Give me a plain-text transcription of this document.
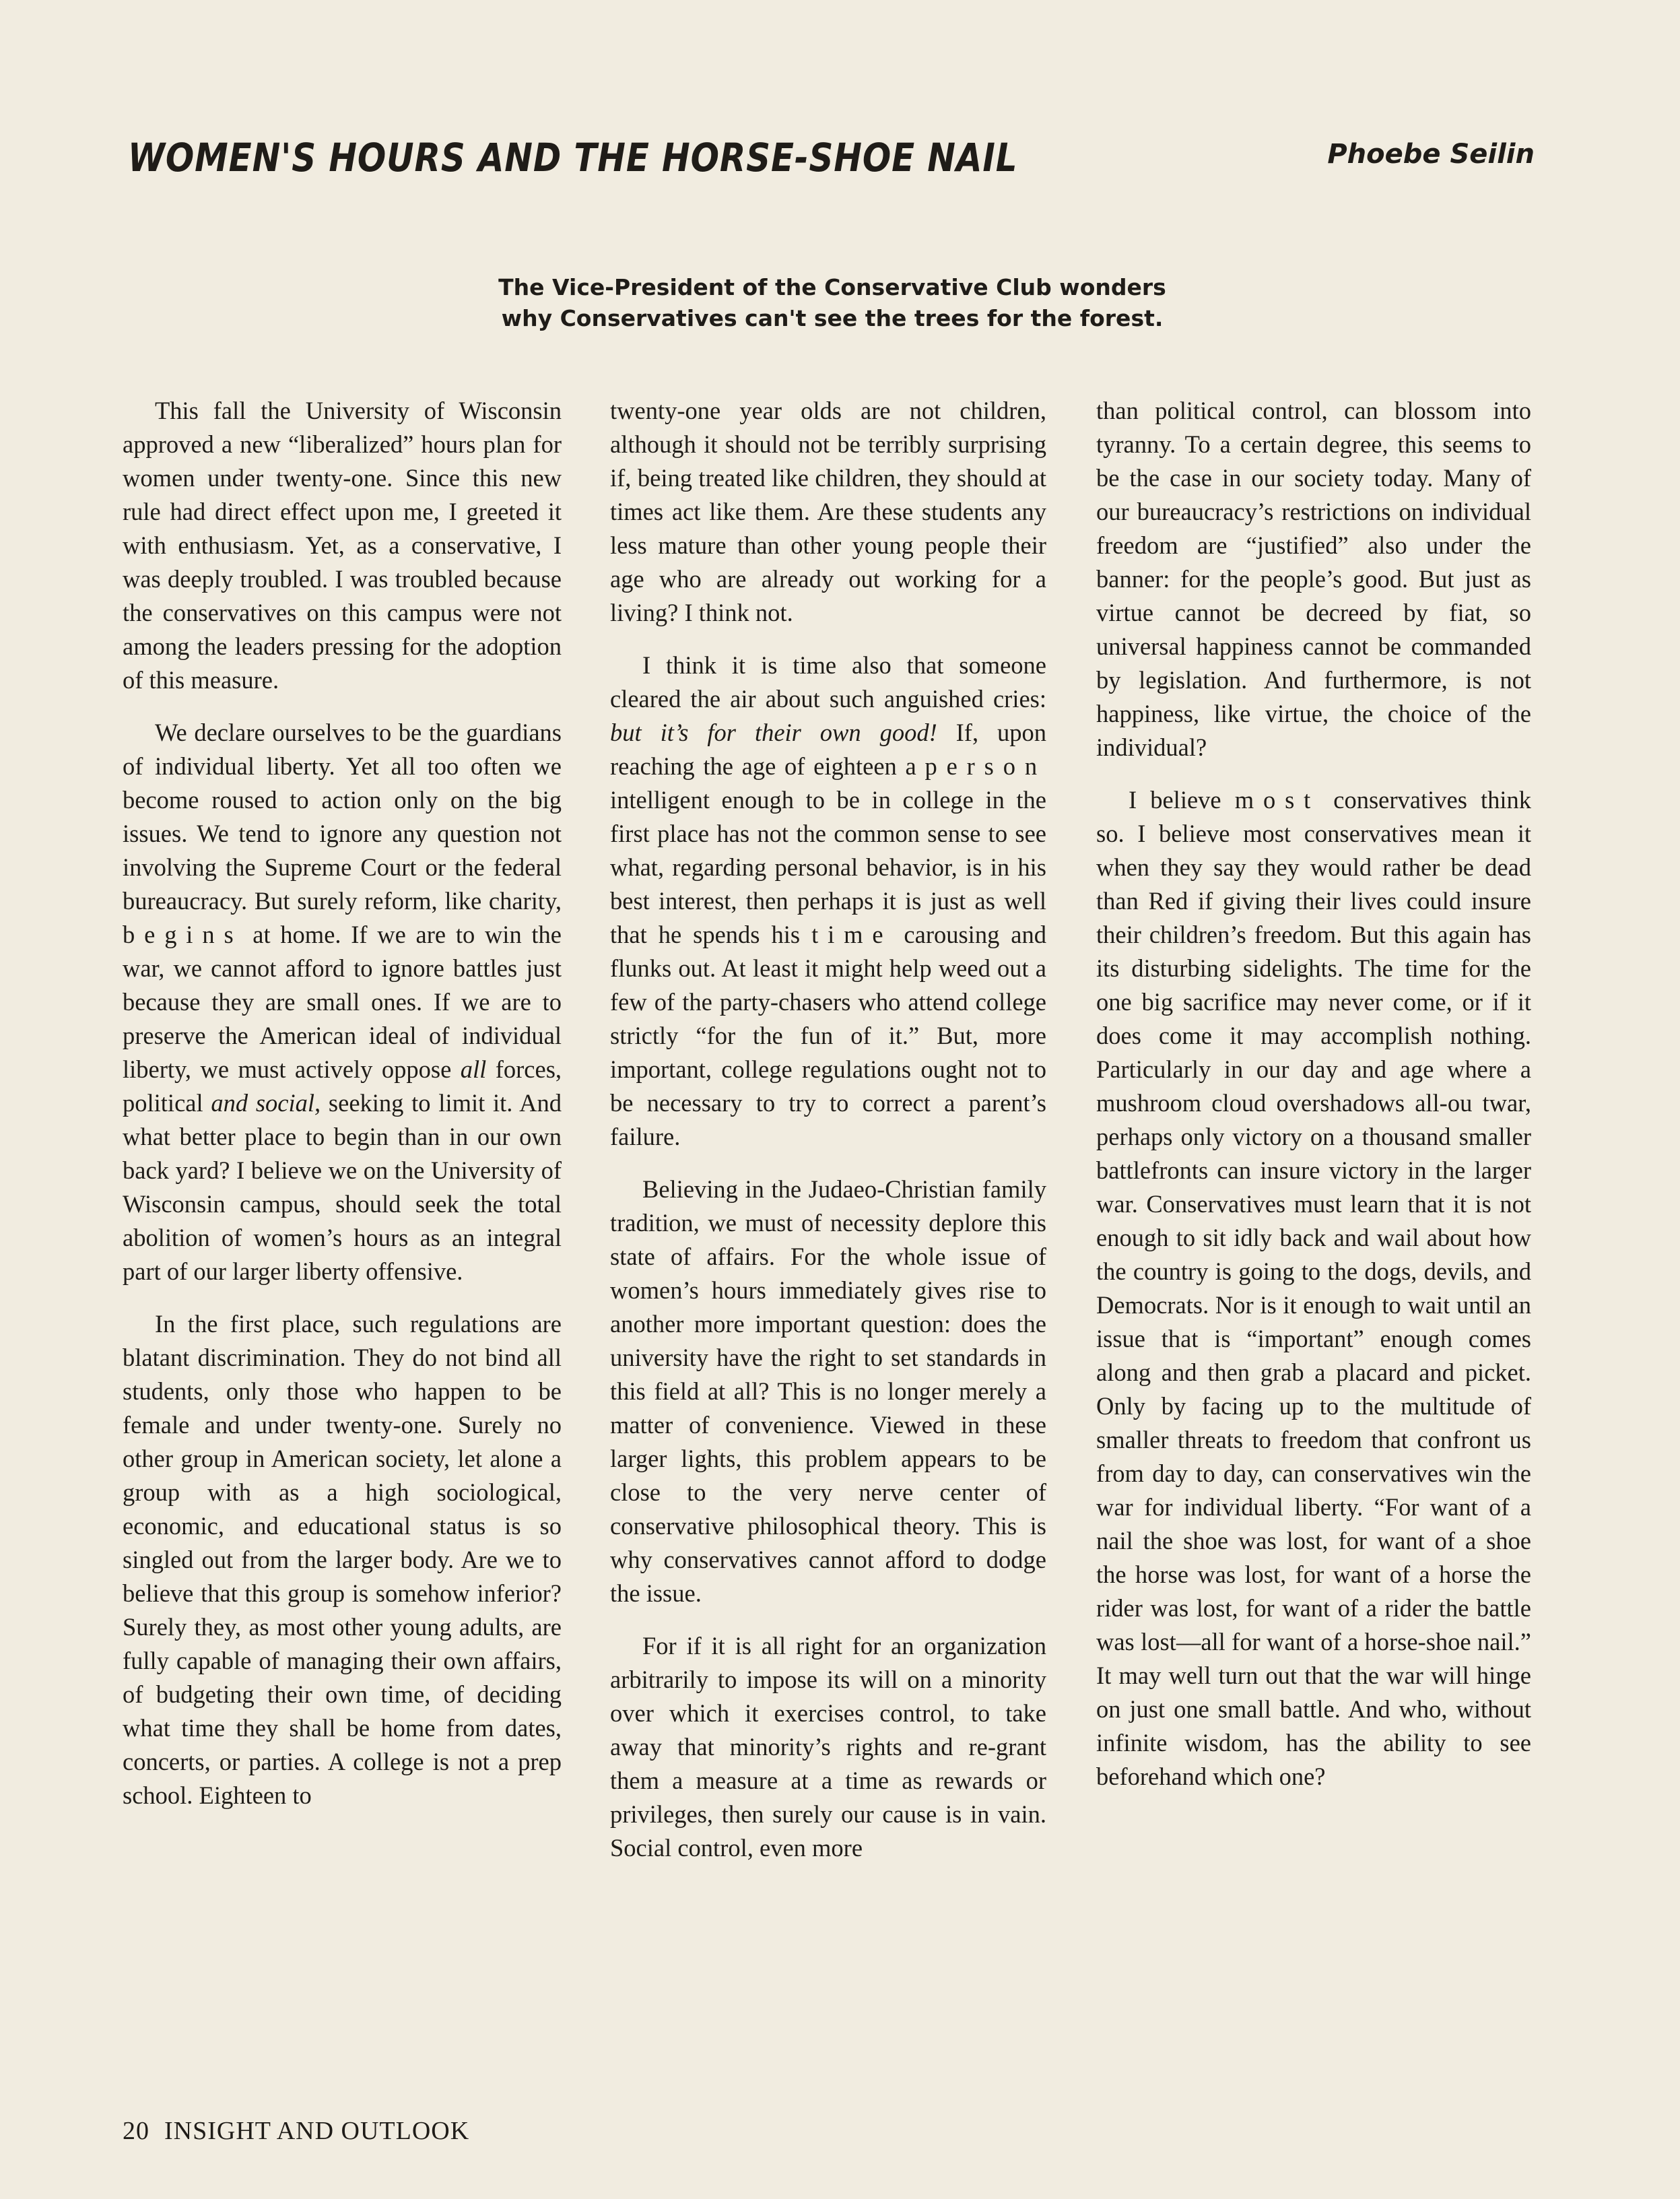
WOMEN'S HOURS AND THE HORSE-SHOE NAIL	Phoebe Seilin
The Vice-President of the Conservative Club wonders
why Conservatives can't see the trees for the forest.

This fall the University of Wisconsin approved a new “liberalized” hours plan for women under twenty-one. Since this new rule had direct effect upon me, I greeted it with enthusiasm. Yet, as a conservative, I was deeply troubled. I was troubled because the conservatives on this campus were not among the leaders pressing for the adoption of this measure.

We declare ourselves to be the guardians of individual liberty. Yet all too often we become roused to action only on the big issues. We tend to ignore any question not involving the Supreme Court or the federal bureaucracy. But surely reform, like charity, begins at home. If we are to win the war, we cannot afford to ignore battles just because they are small ones. If we are to preserve the American ideal of individual liberty, we must actively oppose all forces, political and social, seeking to limit it. And what better place to begin than in our own back yard? I believe we on the University of Wisconsin campus, should seek the total abolition of women’s hours as an integral part of our larger liberty offensive.

In the first place, such regulations are blatant discrimination. They do not bind all students, only those who happen to be female and under twenty-one. Surely no other group in American society, let alone a group with as a high sociological, economic, and educational status is so singled out from the larger body. Are we to believe that this group is somehow inferior? Surely they, as most other young adults, are fully capable of managing their own affairs, of budgeting their own time, of deciding what time they shall be home from dates, concerts, or parties. A college is not a prep school. Eighteen to

twenty-one year olds are not children, although it should not be terribly surprising if, being treated like children, they should at times act like them. Are these students any less mature than other young people their age who are already out working for a living? I think not.

I think it is time also that someone cleared the air about such anguished cries: but it’s for their own good! If, upon reaching the age of eighteen a person intelligent enough to be in college in the first place has not the common sense to see what, regarding personal behavior, is in his best interest, then perhaps it is just as well that he spends his time carousing and flunks out. At least it might help weed out a few of the party-chasers who attend college strictly “for the fun of it.” But, more important, college regulations ought not to be necessary to try to correct a parent’s failure.

Believing in the Judaeo-Christian family tradition, we must of necessity deplore this state of affairs. For the whole issue of women’s hours immediately gives rise to another more important question: does the university have the right to set standards in this field at all? This is no longer merely a matter of convenience. Viewed in these larger lights, this problem appears to be close to the very nerve center of conservative philosophical theory. This is why conservatives cannot afford to dodge the issue.

For if it is all right for an organization arbitrarily to impose its will on a minority over which it exercises control, to take away that minority’s rights and re-grant them a measure at a time as rewards or privileges, then surely our cause is in vain. Social control, even more

than political control, can blossom into tyranny. To a certain degree, this seems to be the case in our society today. Many of our bureaucracy’s restrictions on individual freedom are “justified” also under the banner: for the people’s good. But just as virtue cannot be decreed by fiat, so universal happiness cannot be commanded by legislation. And furthermore, is not happiness, like virtue, the choice of the individual?

I believe most conservatives think so. I believe most conservatives mean it when they say they would rather be dead than Red if giving their lives could insure their children’s freedom. But this again has its disturbing sidelights. The time for the one big sacrifice may never come, or if it does come it may accomplish nothing. Particularly in our day and age where a mushroom cloud overshadows all-ou twar, perhaps only victory on a thousand smaller battlefronts can insure victory in the larger war. Conservatives must learn that it is not enough to sit idly back and wail about how the country is going to the dogs, devils, and Democrats. Nor is it enough to wait until an issue that is “important” enough comes along and then grab a placard and picket. Only by facing up to the multitude of smaller threats to freedom that confront us from day to day, can conservatives win the war for individual liberty. “For want of a nail the shoe was lost, for want of a shoe the horse was lost, for want of a horse the rider was lost, for want of a rider the battle was lost—all for want of a horse-shoe nail.” It may well turn out that the war will hinge on just one small battle. And who, without infinite wisdom, has the ability to see beforehand which one?

20 INSIGHT AND OUTLOOK
